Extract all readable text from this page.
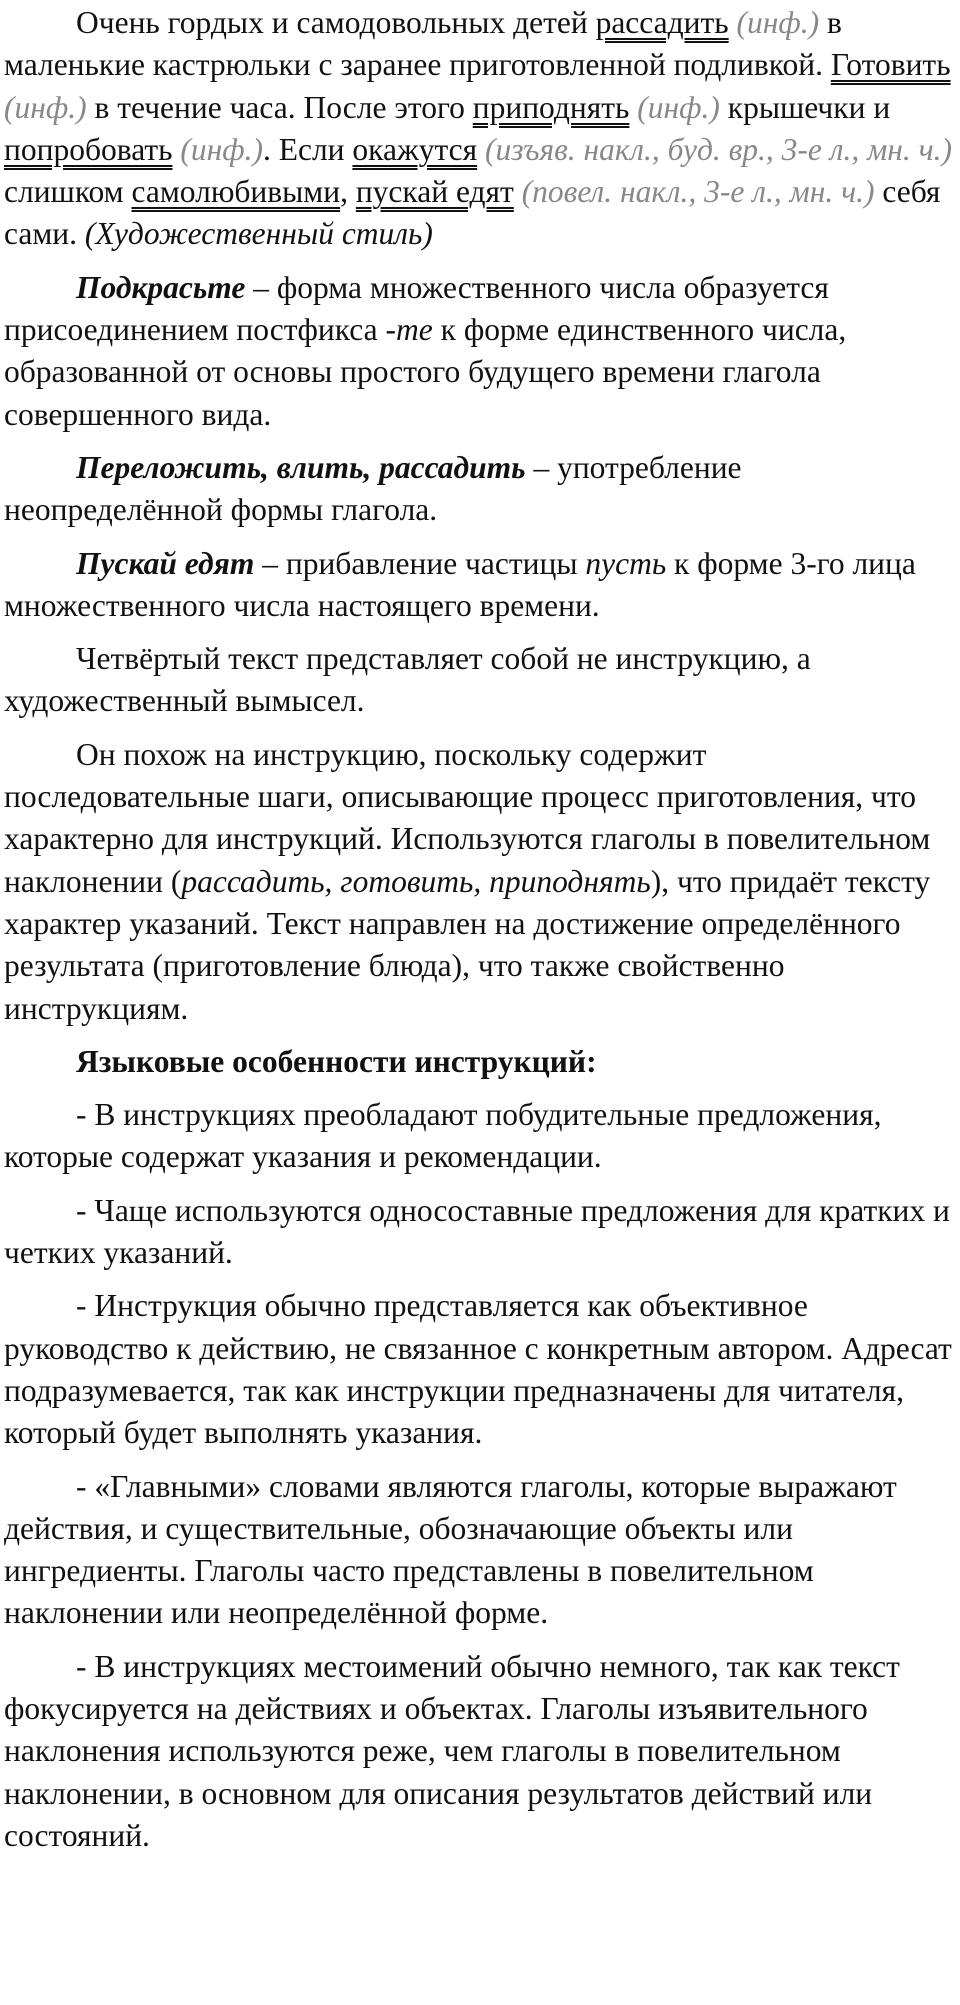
Очень гордых и самодовольных детей рассадить (инф.) в маленькие кастрюльки с заранее приготовленной подливкой. Готовить (инф.) в течение часа. После этого приподнять (инф.) крышечки и попробовать (инф.). Если окажутся (изъяв. накл., буд. вр., 3-е л., мн. ч.) слишком самолюбивыми, пускай едят (повел. накл., 3-е л., мн. ч.) себя сами. (Художественный стиль)

Подкрасьте – форма множественного числа образуется присоединением постфикса -те к форме единственного числа, образованной от основы простого будущего времени глагола совершенного вида.

Переложить, влить, рассадить – употребление неопределённой формы глагола.

Пускай едят – прибавление частицы пусть к форме 3-го лица множественного числа настоящего времени.

Четвёртый текст представляет собой не инструкцию, а художественный вымысел.

Он похож на инструкцию, поскольку содержит последовательные шаги, описывающие процесс приготовления, что характерно для инструкций. Используются глаголы в повелительном наклонении (рассадить, готовить, приподнять), что придаёт тексту характер указаний. Текст направлен на достижение определённого результата (приготовление блюда), что также свойственно инструкциям.

Языковые особенности инструкций:

- В инструкциях преобладают побудительные предложения, которые содержат указания и рекомендации.

- Чаще используются односоставные предложения для кратких и четких указаний.

- Инструкция обычно представляется как объективное руководство к действию, не связанное с конкретным автором. Адресат подразумевается, так как инструкции предназначены для читателя, который будет выполнять указания.

- «Главными» словами являются глаголы, которые выражают действия, и существительные, обозначающие объекты или ингредиенты. Глаголы часто представлены в повелительном наклонении или неопределённой форме.

- В инструкциях местоимений обычно немного, так как текст фокусируется на действиях и объектах. Глаголы изъявительного наклонения используются реже, чем глаголы в повелительном наклонении, в основном для описания результатов действий или состояний.
